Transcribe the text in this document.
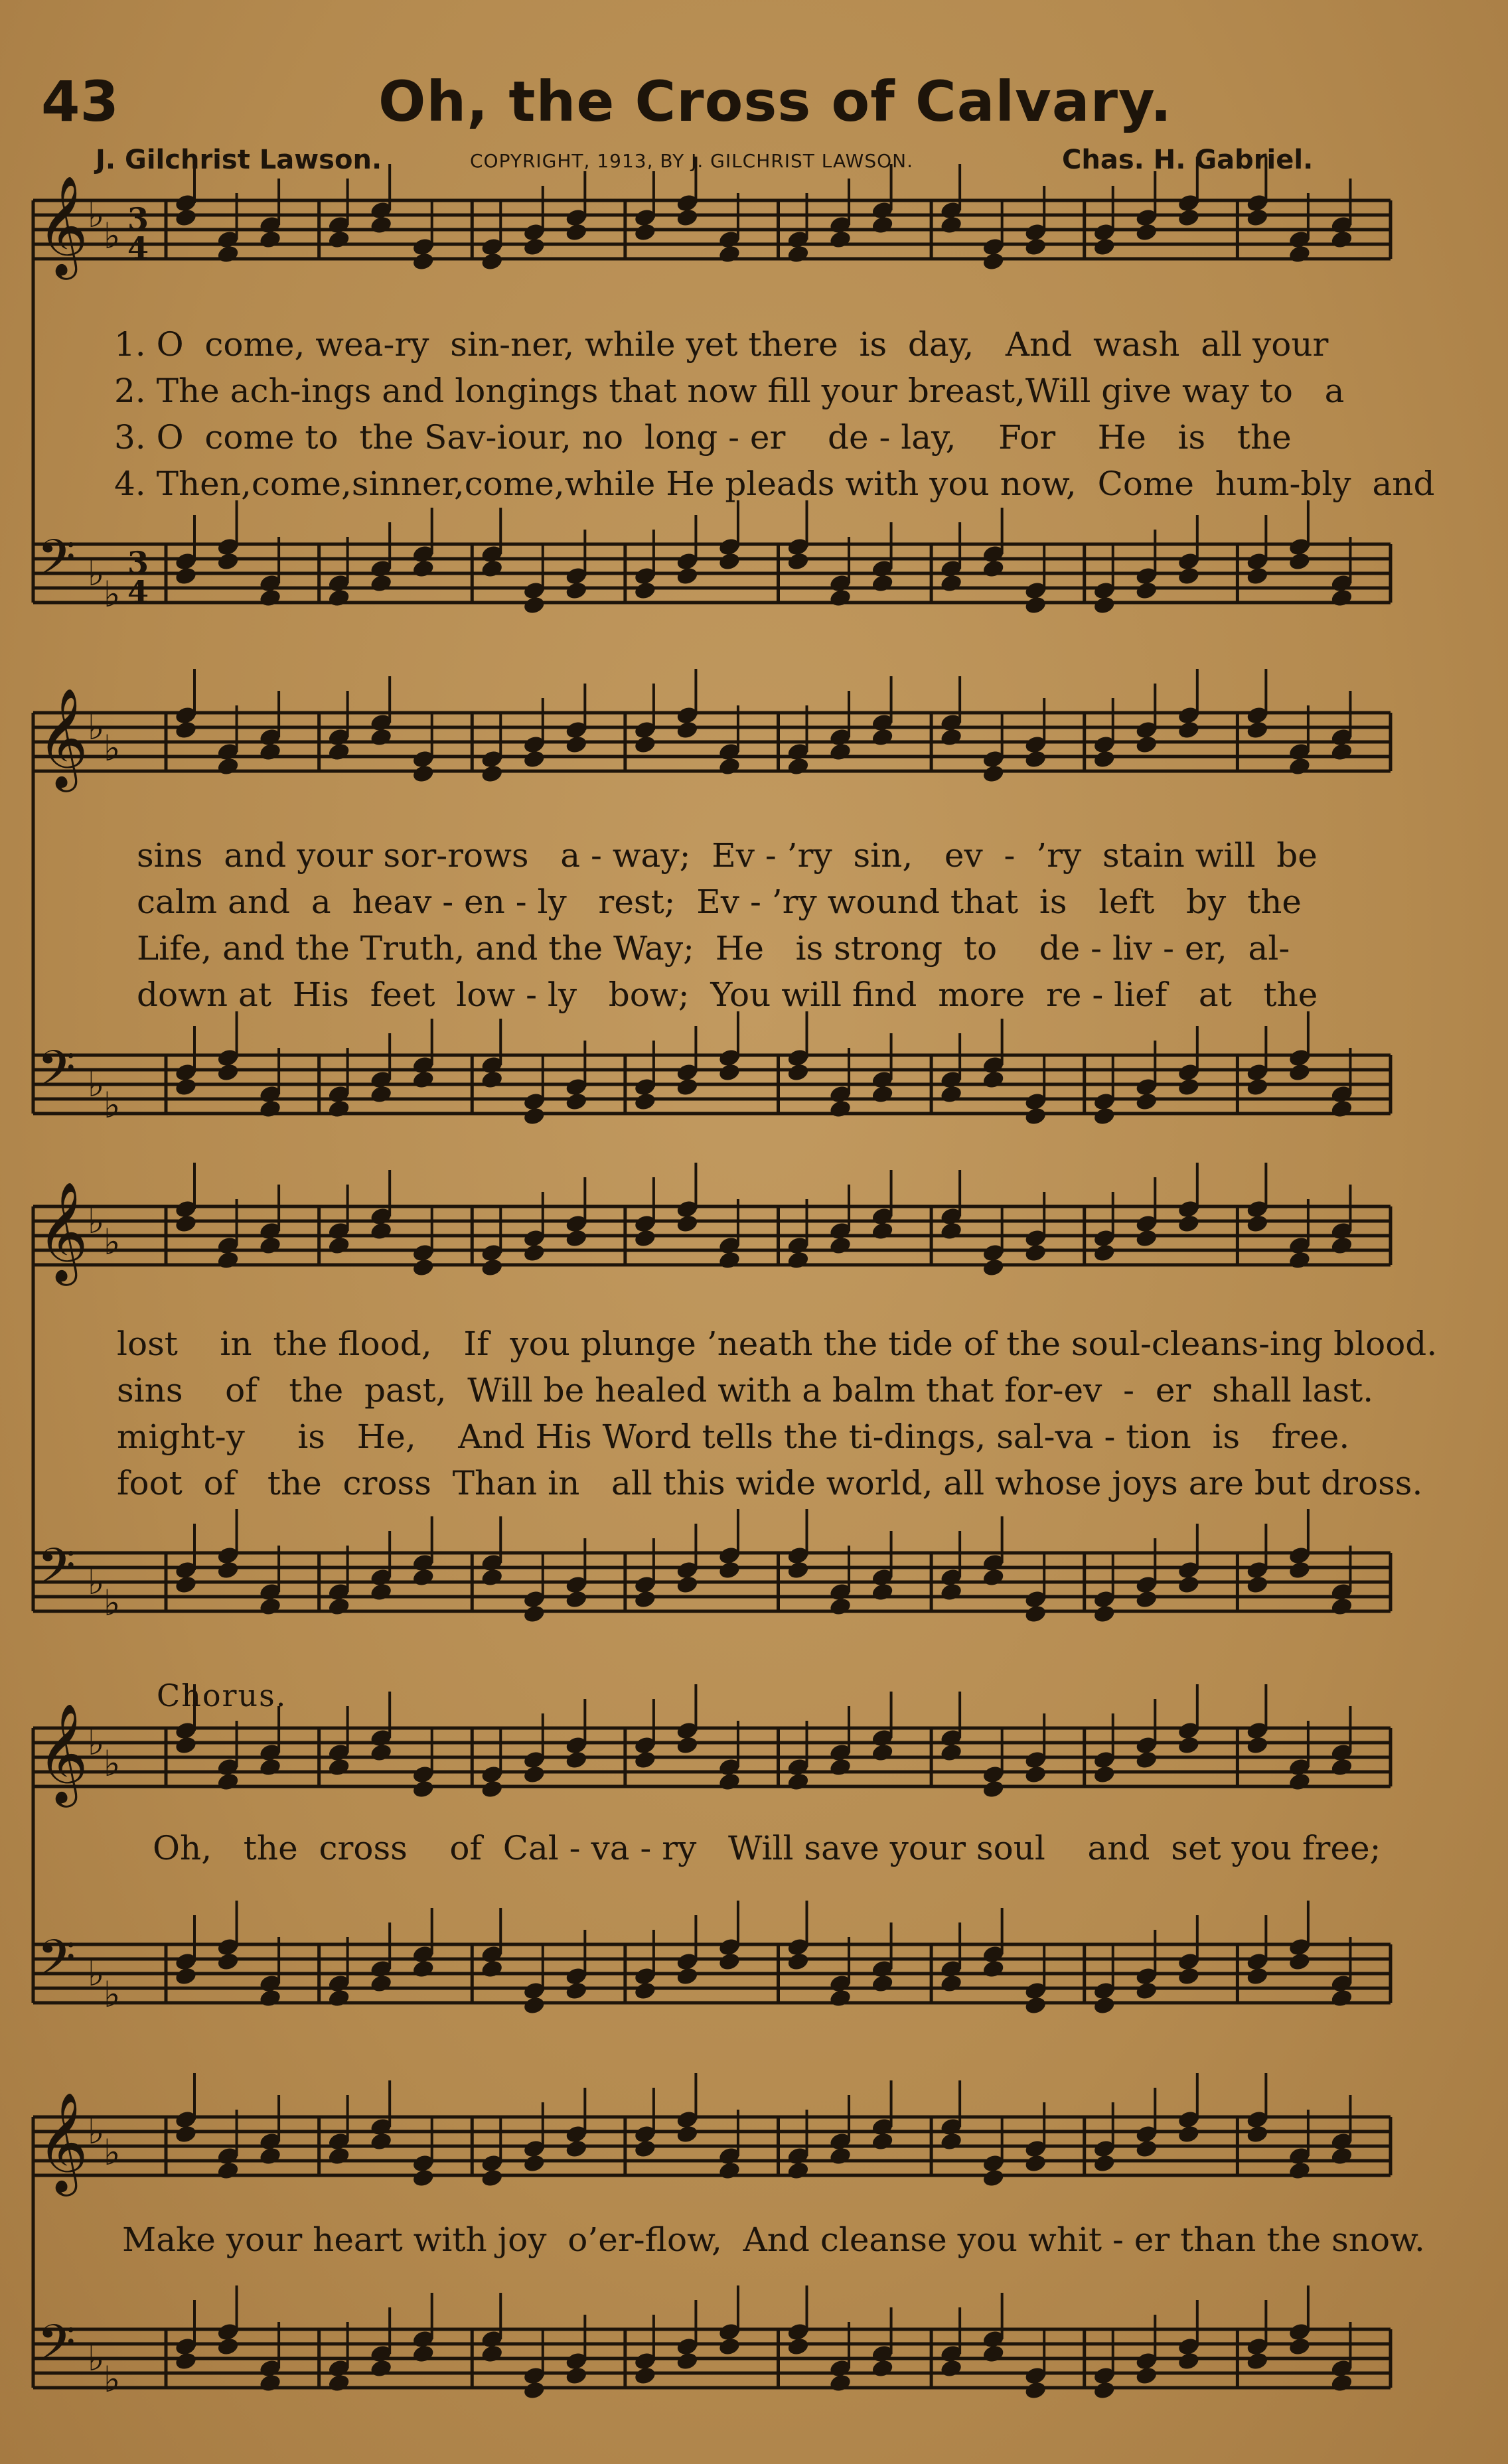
43	Oh, the Cross of Calvary.
J. Gilchrist Lawson.	COPYRIGHT, 1913, BY J. GILCHRIST LAWSON.	Chas. H. Gabriel.
𝄞 ♭
♭ 3
4
𝄢 ♭
♭
3
4
𝄞 ♭
♭
𝄢 ♭
♭
𝄞 ♭
♭
𝄢 ♭
♭
𝄞 ♭
♭
𝄢 ♭
♭
𝄞 ♭
♭
𝄢 ♭
♭
1. O  come, wea-ry  sin-ner, while yet there  is  day,   And  wash  all your
2. The ach-ings and longings that now fill your breast,Will give way to   a
3. O  come to  the Sav-iour, no  long - er    de - lay,    For    He   is   the
4. Then,come,sinner,come,while He pleads with you now,  Come  hum-bly  and
sins  and your sor-rows   a - way;  Ev - ’ry  sin,   ev  -  ’ry  stain will  be
calm and  a  heav - en - ly   rest;  Ev - ’ry wound that  is   left   by  the
Life, and the Truth, and the Way;  He   is strong  to    de - liv - er,  al-
down at  His  feet  low - ly   bow;  You will find  more  re - lief   at   the
lost    in  the flood,   If  you plunge ’neath the tide of the soul-cleans-ing blood.
sins    of   the  past,  Will be healed with a balm that for-ev  -  er  shall last.
might-y     is   He,    And His Word tells the ti-dings, sal-va - tion  is   free.
foot  of   the  cross  Than in   all this wide world, all whose joys are but dross.
Chorus.
Oh,   the  cross    of  Cal - va - ry   Will save your soul    and  set you free;
Make your heart with joy  o’er-flow,  And cleanse you whit - er than the snow.
